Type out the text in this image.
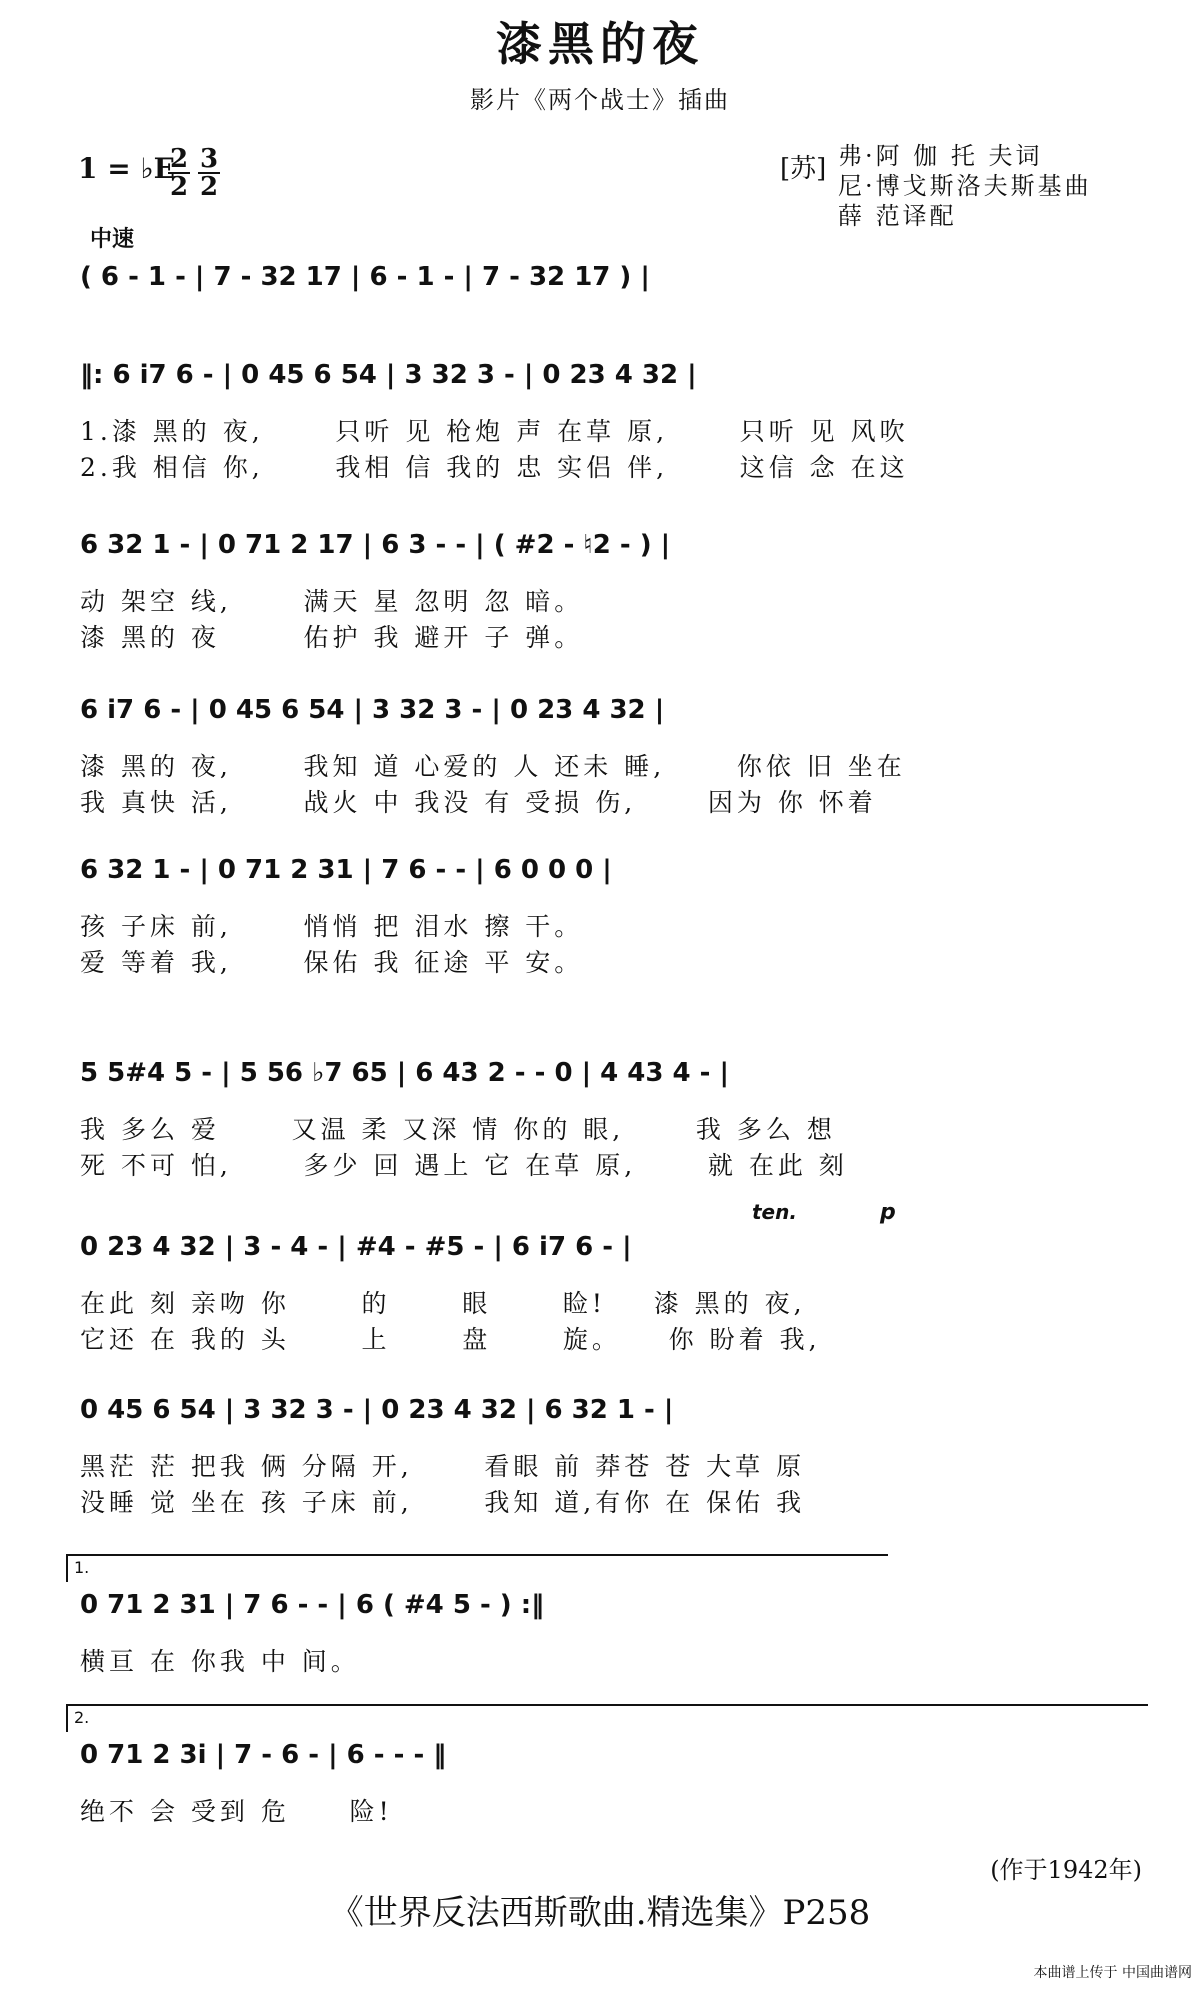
漆黑的夜
影片《两个战士》插曲
1 = ♭E
2
2
3
2
中速
[苏] 弗·阿 伽 托 夫词
尼·博戈斯洛夫斯基曲
薛 范译配
( 6 - 1 - | 7 - 32 17 | 6 - 1 - | 7 - 32 17 ) |
‖: 6 i7 6 - | 0 45 6 54 | 3 32 3 - | 0 23 4 32 |
1.漆 黑的 夜,      只听 见 枪炮 声 在草 原,      只听 见 风吹
2.我 相信 你,      我相 信 我的 忠 实侣 伴,      这信 念 在这
6 32 1 - | 0 71 2 17 | 6 3 - - | ( #2 - ♮2 - ) |
动 架空 线,      满天 星 忽明 忽 暗。
漆 黑的 夜       佑护 我 避开 子 弹。
6 i7 6 - | 0 45 6 54 | 3 32 3 - | 0 23 4 32 |
漆 黑的 夜,      我知 道 心爱的 人 还未 睡,      你依 旧 坐在
我 真快 活,      战火 中 我没 有 受损 伤,      因为 你 怀着
6 32 1 - | 0 71 2 31 | 7 6 - - | 6 0 0 0 |
孩 子床 前,      悄悄 把 泪水 擦 干。
爱 等着 我,      保佑 我 征途 平 安。
5 5#4 5 - | 5 56 ♭7 65 | 6 43 2 - - 0 | 4 43 4 - |
我 多么 爱      又温 柔 又深 情 你的 眼,      我 多么 想
死 不可 怕,      多少 回 遇上 它 在草 原,      就 在此 刻
0 23 4 32 | 3 - 4 - | #4 - #5 - | 6 i7 6 - |
ten.	p
在此 刻 亲吻 你      的      眼      睑!    漆 黑的 夜,
它还 在 我的 头      上      盘      旋。    你 盼着 我,
0 45 6 54 | 3 32 3 - | 0 23 4 32 | 6 32 1 - |
黑茫 茫 把我 俩 分隔 开,      看眼 前 莽苍 苍 大草 原
没睡 觉 坐在 孩 子床 前,      我知 道,有你 在 保佑 我
1.
0 71 2 31 | 7 6 - - | 6 ( #4 5 - ) :‖
横亘 在 你我 中 间。
2.
0 71 2 3i | 7 - 6 - | 6 - - - ‖
绝不 会 受到 危     险!
(作于1942年)
《世界反法西斯歌曲.精选集》P258
本曲谱上传于 中国曲谱网
